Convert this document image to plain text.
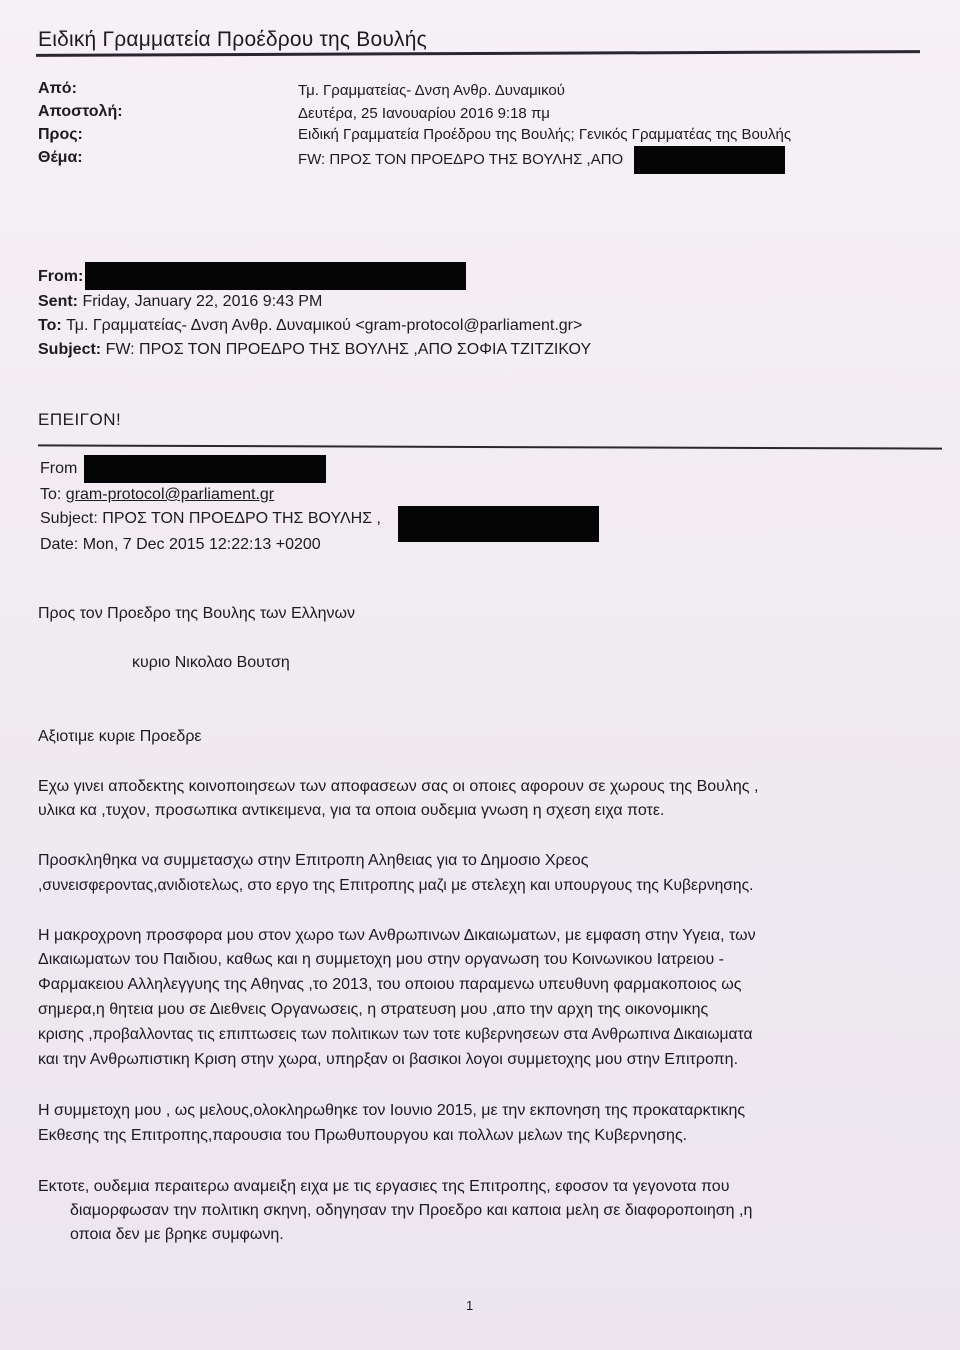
Ειδική Γραμματεία Προέδρου της Βουλής
Από:	Τμ. Γραμματείας- Δνση Ανθρ. Δυναμικού
Αποστολή:	Δευτέρα, 25 Ιανουαρίου 2016 9:18 πμ
Προς:	Ειδική Γραμματεία Προέδρου της Βουλής; Γενικός Γραμματέας της Βουλής
Θέμα:	FW: ΠΡΟΣ ΤΟΝ ΠΡΟΕΔΡΟ ΤΗΣ ΒΟΥΛΗΣ ,ΑΠΟ
From:
Sent: Friday, January 22, 2016 9:43 PM
To: Τμ. Γραμματείας- Δνση Ανθρ. Δυναμικού <gram-protocol@parliament.gr>
Subject: FW: ΠΡΟΣ ΤΟΝ ΠΡΟΕΔΡΟ ΤΗΣ ΒΟΥΛΗΣ ,ΑΠΟ ΣΟΦΙΑ ΤΖΙΤΖΙΚΟΥ
ΕΠΕΙΓΟΝ!
From
To: gram-protocol@parliament.gr
Subject: ΠΡΟΣ ΤΟΝ ΠΡΟΕΔΡΟ ΤΗΣ ΒΟΥΛΗΣ ,
Date: Mon, 7 Dec 2015 12:22:13 +0200
Προς τον Προεδρο της Βουλης των Ελληνων
κυριο Νικολαο Βουτση
Αξιοτιμε κυριε Προεδρε
Εχω γινει αποδεκτης κοινοποιησεων των αποφασεων σας οι οποιες αφορουν σε χωρους της Βουλης ,
υλικα κα ,τυχον, προσωπικα αντικειμενα, για τα οποια ουδεμια γνωση η σχεση ειχα ποτε.
Προσκληθηκα να συμμετασχω στην Επιτροπη Αληθειας για το Δημοσιο Χρεος
,συνεισφεροντας,ανιδιοτελως, στο εργο της Επιτροπης μαζι με στελεχη και υπουργους της Κυβερνησης.
Η μακροχρονη προσφορα μου στον χωρο των Ανθρωπινων Δικαιωματων, με εμφαση στην Υγεια, των
Δικαιωματων του Παιδιου, καθως και η συμμετοχη μου στην οργανωση του Κοινωνικου Ιατρειου -
Φαρμακειου Αλληλεγγυης της Αθηνας ,το 2013, του οποιου παραμενω υπευθυνη φαρμακοποιος ως
σημερα,η θητεια μου σε Διεθνεις Οργανωσεις, η στρατευση μου ,απο την αρχη της οικονομικης
κρισης ,προβαλλοντας τις επιπτωσεις των πολιτικων των τοτε κυβερνησεων στα Ανθρωπινα Δικαιωματα
και την Ανθρωπιστικη Κριση στην χωρα, υπηρξαν οι βασικοι λογοι συμμετοχης μου στην Επιτροπη.
Η συμμετοχη μου , ως μελους,ολοκληρωθηκε τον Ιουνιο 2015, με την εκπονηση της προκαταρκτικης
Εκθεσης της Επιτροπης,παρουσια του Πρωθυπουργου και πολλων μελων της Κυβερνησης.
Εκτοτε, ουδεμια περαιτερω αναμειξη ειχα με τις εργασιες της Επιτροπης, εφοσον τα γεγονοτα που
διαμορφωσαν την πολιτικη σκηνη, οδηγησαν την Προεδρο και καποια μελη σε διαφοροποιηση ,η
οποια δεν με βρηκε συμφωνη.
1
